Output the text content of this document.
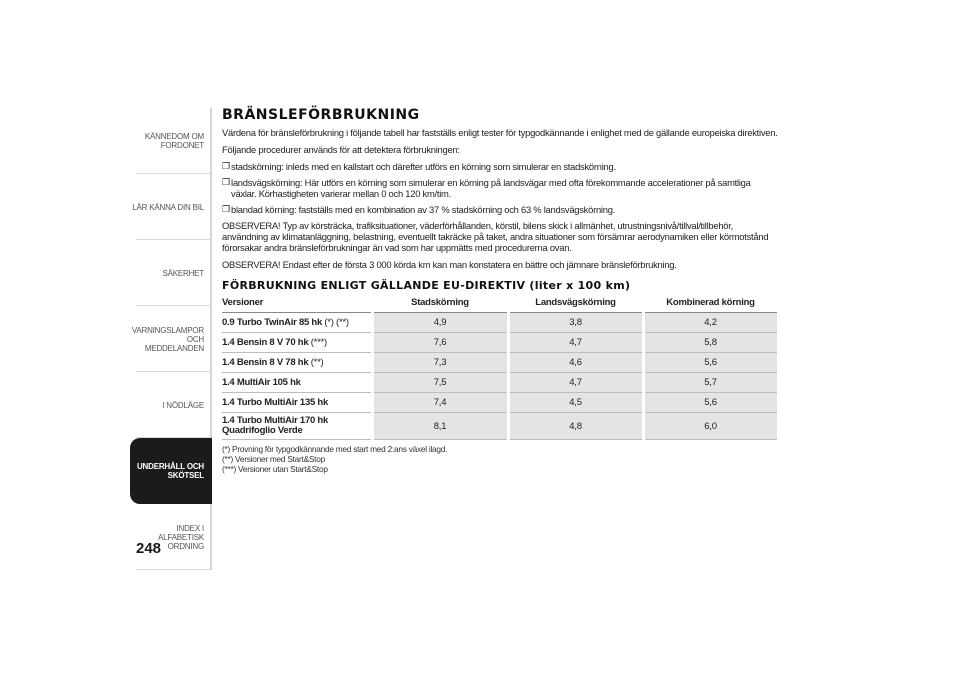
KÄNNEDOM OM FORDONET
LÄR KÄNNA DIN BIL
SÄKERHET
VARNINGSLAMPOR OCH MEDDELANDEN
I NÖDLÄGE
UNDERHÅLL OCH SKÖTSEL
INDEX I ALFABETISK ORDNING
248
BRÄNSLEFÖRBRUKNING

Värdena för bränsleförbrukning i följande tabell har fastställs enligt tester för typgodkännande i enlighet med de gällande europeiska direktiven.

Följande procedurer används för att detektera förbrukningen:

❒ stadskörning: inleds med en kallstart och därefter utförs en körning som simulerar en stadskörning.
❒ landsvägskörning: Här utförs en körning som simulerar en körning på landsvägar med ofta förekommande accelerationer på samtliga växlar. Körhastigheten varierar mellan 0 och 120 km/tim.
❒ blandad körning: fastställs med en kombination av 37 % stadskörning och 63 % landsvägskörning.

OBSERVERA! Typ av körsträcka, trafiksituationer, väderförhållanden, körstil, bilens skick i allmänhet, utrustningsnivå/tillval/tillbehör, användning av klimatanläggning, belastning, eventuellt takräcke på taket, andra situationer som försämrar aerodynamiken eller körmotstånd förorsakar andra bränsleförbrukningar än vad som har uppmätts med procedurerna ovan.

OBSERVERA! Endast efter de första 3 000 körda km kan man konstatera en bättre och jämnare bränsleförbrukning.

FÖRBRUKNING ENLIGT GÄLLANDE EU-DIREKTIV (liter x 100 km)
Versioner	Stadskörning	Landsvägskörning	Kombinerad körning
0.9 Turbo TwinAir 85 hk (*) (**)	4,9	3,8	4,2
1.4 Bensin 8 V 70 hk (***)	7,6	4,7	5,8
1.4 Bensin 8 V 78 hk (**)	7,3	4,6	5,6
1.4 MultiAir 105 hk	7,5	4,7	5,7
1.4 Turbo MultiAir 135 hk	7,4	4,5	5,6
1.4 Turbo MultiAir 170 hk Quadrifoglio Verde	8,1	4,8	6,0
(*) Provning för typgodkännande med start med 2:ans växel ilagd.
(**) Versioner med Start&Stop
(***) Versioner utan Start&Stop
